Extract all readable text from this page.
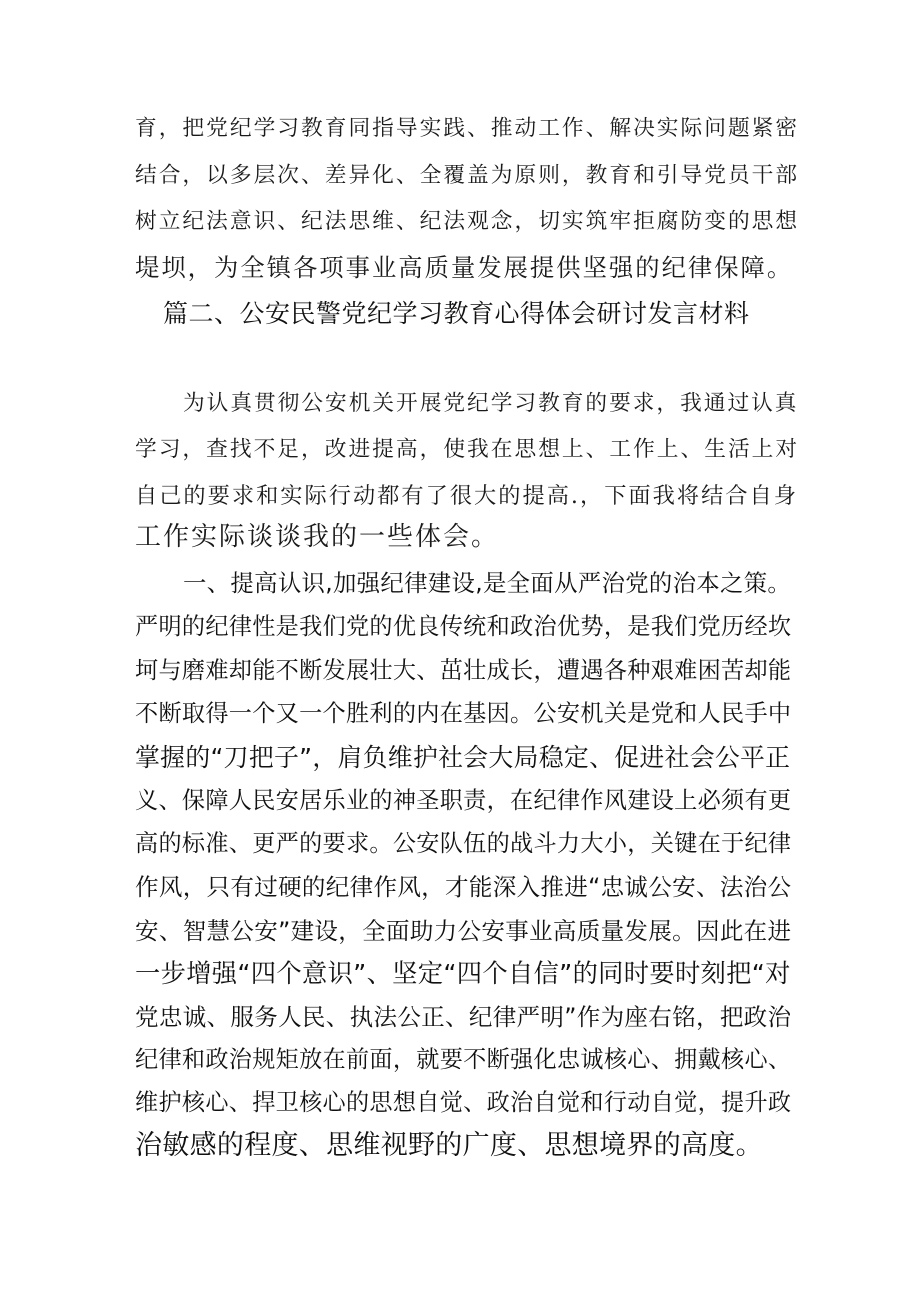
育，把党纪学习教育同指导实践、推动工作、解决实际问题紧密
结合，以多层次、差异化、全覆盖为原则，教育和引导党员干部
树立纪法意识、纪法思维、纪法观念，切实筑牢拒腐防变的思想
堤坝，为全镇各项事业高质量发展提供坚强的纪律保障。
篇二、公安民警党纪学习教育心得体会研讨发言材料
为认真贯彻公安机关开展党纪学习教育的要求，我通过认真
学习，查找不足，改进提高，使我在思想上、工作上、生活上对
自己的要求和实际行动都有了很大的提高.，下面我将结合自身
工作实际谈谈我的一些体会。
一、提高认识,加强纪律建设,是全面从严治党的治本之策。
严明的纪律性是我们党的优良传统和政治优势，是我们党历经坎
坷与磨难却能不断发展壮大、茁壮成长，遭遇各种艰难困苦却能
不断取得一个又一个胜利的内在基因。公安机关是党和人民手中
掌握的“刀把子”，肩负维护社会大局稳定、促进社会公平正
义、保障人民安居乐业的神圣职责，在纪律作风建设上必须有更
高的标准、更严的要求。公安队伍的战斗力大小，关键在于纪律
作风，只有过硬的纪律作风，才能深入推进“忠诚公安、法治公
安、智慧公安”建设，全面助力公安事业高质量发展。因此在进
一步增强“四个意识”、坚定“四个自信”的同时要时刻把“对
党忠诚、服务人民、执法公正、纪律严明”作为座右铭，把政治
纪律和政治规矩放在前面，就要不断强化忠诚核心、拥戴核心、
维护核心、捍卫核心的思想自觉、政治自觉和行动自觉，提升政
治敏感的程度、思维视野的广度、思想境界的高度。
